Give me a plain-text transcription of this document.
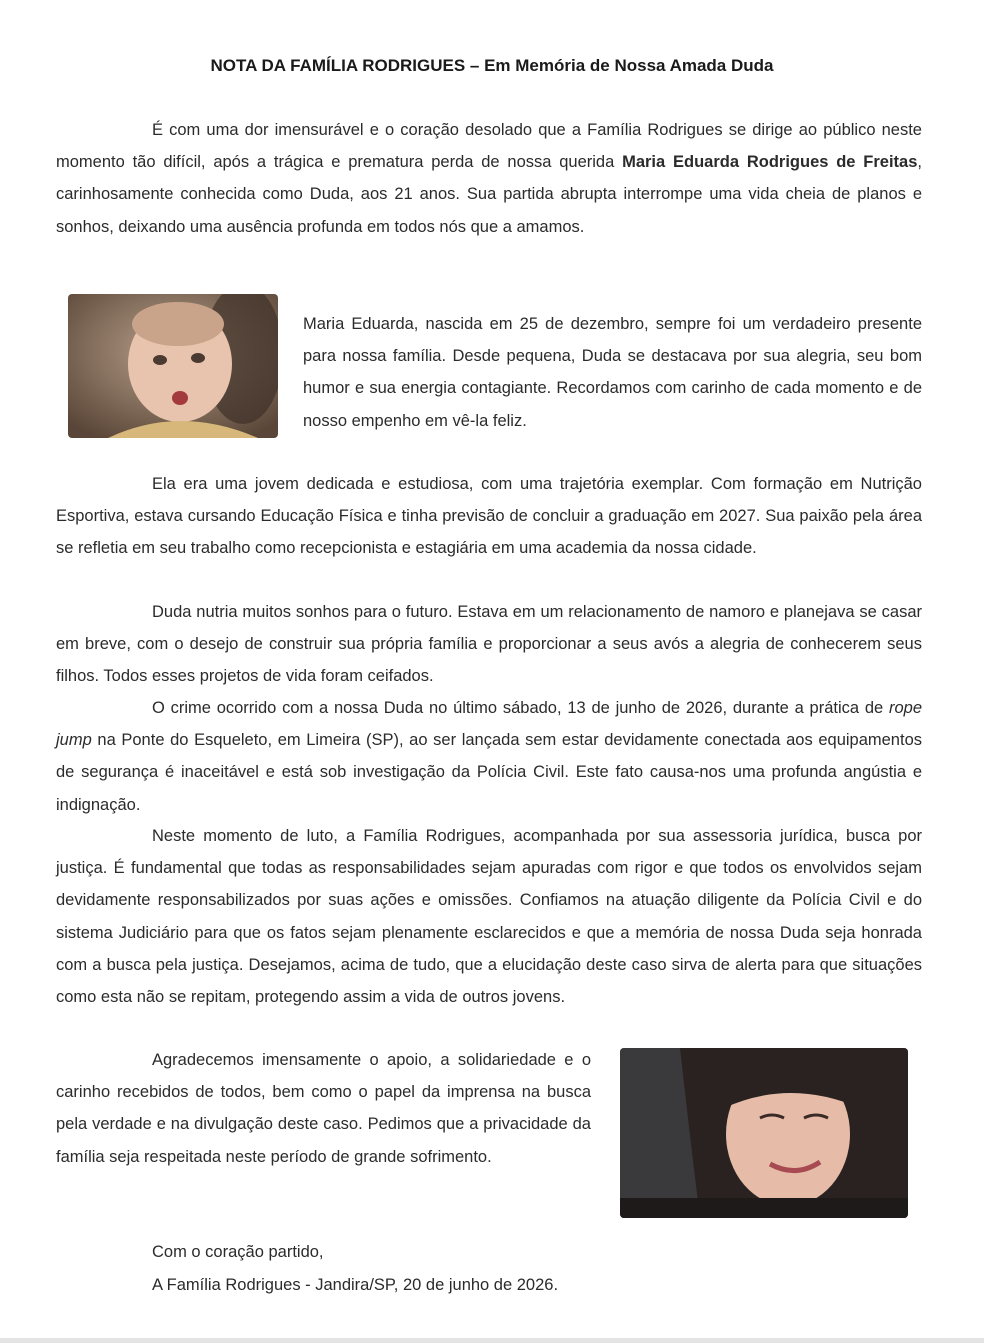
NOTA DA FAMÍLIA RODRIGUES – Em Memória de Nossa Amada Duda

É com uma dor imensurável e o coração desolado que a Família Rodrigues se dirige ao público neste momento tão difícil, após a trágica e prematura perda de nossa querida Maria Eduarda Rodrigues de Freitas, carinhosamente conhecida como Duda, aos 21 anos. Sua partida abrupta interrompe uma vida cheia de planos e sonhos, deixando uma ausência profunda em todos nós que a amamos.

Maria Eduarda, nascida em 25 de dezembro, sempre foi um verdadeiro presente para nossa família. Desde pequena, Duda se destacava por sua alegria, seu bom humor e sua energia contagiante. Recordamos com carinho de cada momento e de nosso empenho em vê-la feliz.

Ela era uma jovem dedicada e estudiosa, com uma trajetória exemplar. Com formação em Nutrição Esportiva, estava cursando Educação Física e tinha previsão de concluir a graduação em 2027. Sua paixão pela área se refletia em seu trabalho como recepcionista e estagiária em uma academia da nossa cidade.

Duda nutria muitos sonhos para o futuro. Estava em um relacionamento de namoro e planejava se casar em breve, com o desejo de construir sua própria família e proporcionar a seus avós a alegria de conhecerem seus filhos. Todos esses projetos de vida foram ceifados.

O crime ocorrido com a nossa Duda no último sábado, 13 de junho de 2026, durante a prática de rope jump na Ponte do Esqueleto, em Limeira (SP), ao ser lançada sem estar devidamente conectada aos equipamentos de segurança é inaceitável e está sob investigação da Polícia Civil. Este fato causa-nos uma profunda angústia e indignação.

Neste momento de luto, a Família Rodrigues, acompanhada por sua assessoria jurídica, busca por justiça. É fundamental que todas as responsabilidades sejam apuradas com rigor e que todos os envolvidos sejam devidamente responsabilizados por suas ações e omissões. Confiamos na atuação diligente da Polícia Civil e do sistema Judiciário para que os fatos sejam plenamente esclarecidos e que a memória de nossa Duda seja honrada com a busca pela justiça. Desejamos, acima de tudo, que a elucidação deste caso sirva de alerta para que situações como esta não se repitam, protegendo assim a vida de outros jovens.

Agradecemos imensamente o apoio, a solidariedade e o carinho recebidos de todos, bem como o papel da imprensa na busca pela verdade e na divulgação deste caso. Pedimos que a privacidade da família seja respeitada neste período de grande sofrimento.

Com o coração partido,
A Família Rodrigues - Jandira/SP, 20 de junho de 2026.
